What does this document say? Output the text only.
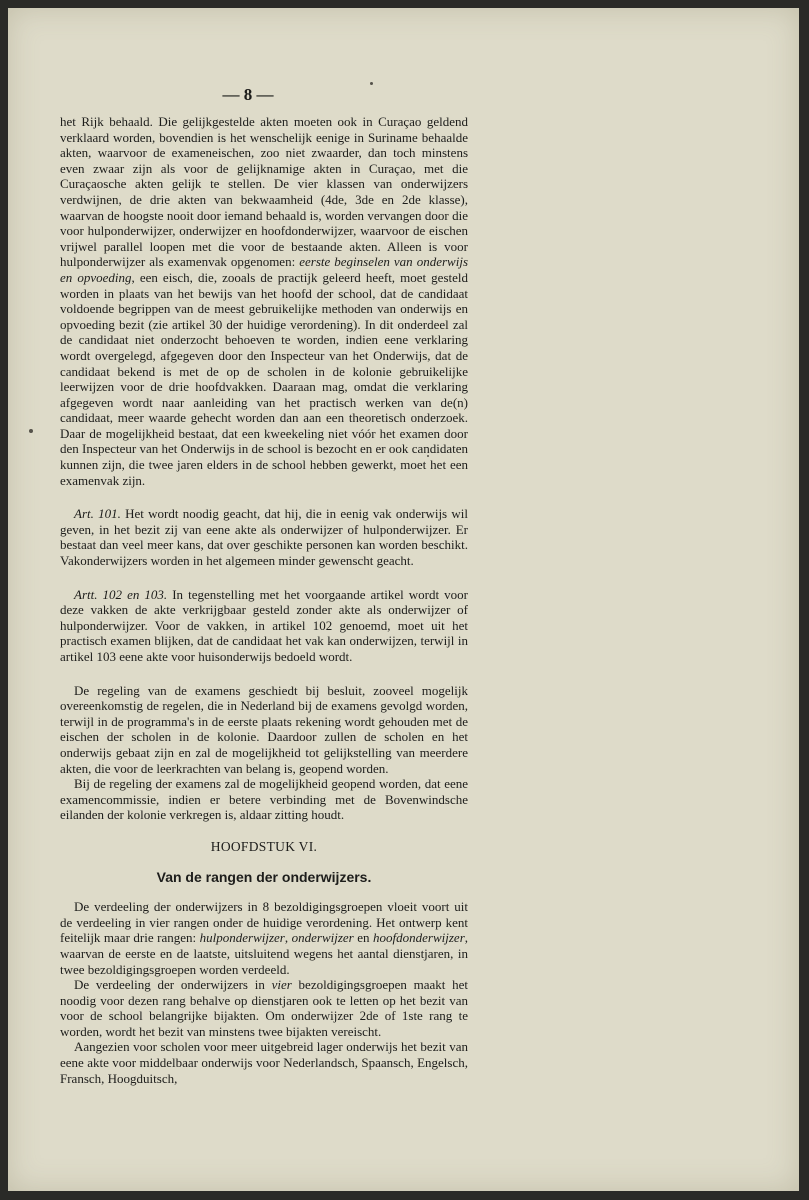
— 8 —

het Rijk behaald. Die gelijkgestelde akten moeten ook in Curaçao geldend verklaard worden, bovendien is het wenschelijk eenige in Suriname behaalde akten, waarvoor de exameneischen, zoo niet zwaarder, dan toch minstens even zwaar zijn als voor de gelijknamige akten in Curaçao, met die Curaçaosche akten gelijk te stellen. De vier klassen van onderwijzers verdwijnen, de drie akten van bekwaamheid (4de, 3de en 2de klasse), waarvan de hoogste nooit door iemand behaald is, worden vervangen door die voor hulponderwijzer, onderwijzer en hoofdonderwijzer, waarvoor de eischen vrijwel parallel loopen met die voor de bestaande akten. Alleen is voor hulponderwijzer als examenvak opgenomen: eerste beginselen van onderwijs en opvoeding, een eisch, die, zooals de practijk geleerd heeft, moet gesteld worden in plaats van het bewijs van het hoofd der school, dat de candidaat voldoende begrippen van de meest gebruikelijke methoden van onderwijs en opvoeding bezit (zie artikel 30 der huidige verordening). In dit onderdeel zal de candidaat niet onderzocht behoeven te worden, indien eene verklaring wordt overgelegd, afgegeven door den Inspecteur van het Onderwijs, dat de candidaat bekend is met de op de scholen in de kolonie gebruikelijke leerwijzen voor de drie hoofdvakken. Daaraan mag, omdat die verklaring afgegeven wordt naar aanleiding van het practisch werken van de(n) candidaat, meer waarde gehecht worden dan aan een theoretisch onderzoek. Daar de mogelijkheid bestaat, dat een kweekeling niet vóór het examen door den Inspecteur van het Onderwijs in de school is bezocht en er ook candidaten kunnen zijn, die twee jaren elders in de school hebben gewerkt, moet het een examenvak zijn.

Art. 101. Het wordt noodig geacht, dat hij, die in eenig vak onderwijs wil geven, in het bezit zij van eene akte als onderwijzer of hulponderwijzer. Er bestaat dan veel meer kans, dat over geschikte personen kan worden beschikt. Vakonderwijzers worden in het algemeen minder gewenscht geacht.

Artt. 102 en 103. In tegenstelling met het voorgaande artikel wordt voor deze vakken de akte verkrijgbaar gesteld zonder akte als onderwijzer of hulponderwijzer. Voor de vakken, in artikel 102 genoemd, moet uit het practisch examen blijken, dat de candidaat het vak kan onderwijzen, terwijl in artikel 103 eene akte voor huisonderwijs bedoeld wordt.

De regeling van de examens geschiedt bij besluit, zooveel mogelijk overeenkomstig de regelen, die in Nederland bij de examens gevolgd worden, terwijl in de programma's in de eerste plaats rekening wordt gehouden met de eischen der scholen in de kolonie. Daardoor zullen de scholen en het onderwijs gebaat zijn en zal de mogelijkheid tot gelijkstelling van meerdere akten, die voor de leerkrachten van belang is, geopend worden.

Bij de regeling der examens zal de mogelijkheid geopend worden, dat eene examencommissie, indien er betere verbinding met de Bovenwindsche eilanden der kolonie verkregen is, aldaar zitting houdt.

HOOFDSTUK VI.
Van de rangen der onderwijzers.

De verdeeling der onderwijzers in 8 bezoldigingsgroepen vloeit voort uit de verdeeling in vier rangen onder de huidige verordening. Het ontwerp kent feitelijk maar drie rangen: hulponderwijzer, onderwijzer en hoofdonderwijzer, waarvan de eerste en de laatste, uitsluitend wegens het aantal dienstjaren, in twee bezoldigingsgroepen worden verdeeld.

De verdeeling der onderwijzers in vier bezoldigingsgroepen maakt het noodig voor dezen rang behalve op dienstjaren ook te letten op het bezit van voor de school belangrijke bijakten. Om onderwijzer 2de of 1ste rang te worden, wordt het bezit van minstens twee bijakten vereischt.

Aangezien voor scholen voor meer uitgebreid lager onderwijs het bezit van eene akte voor middelbaar onderwijs voor Nederlandsch, Spaansch, Engelsch, Fransch, Hoogduitsch,
